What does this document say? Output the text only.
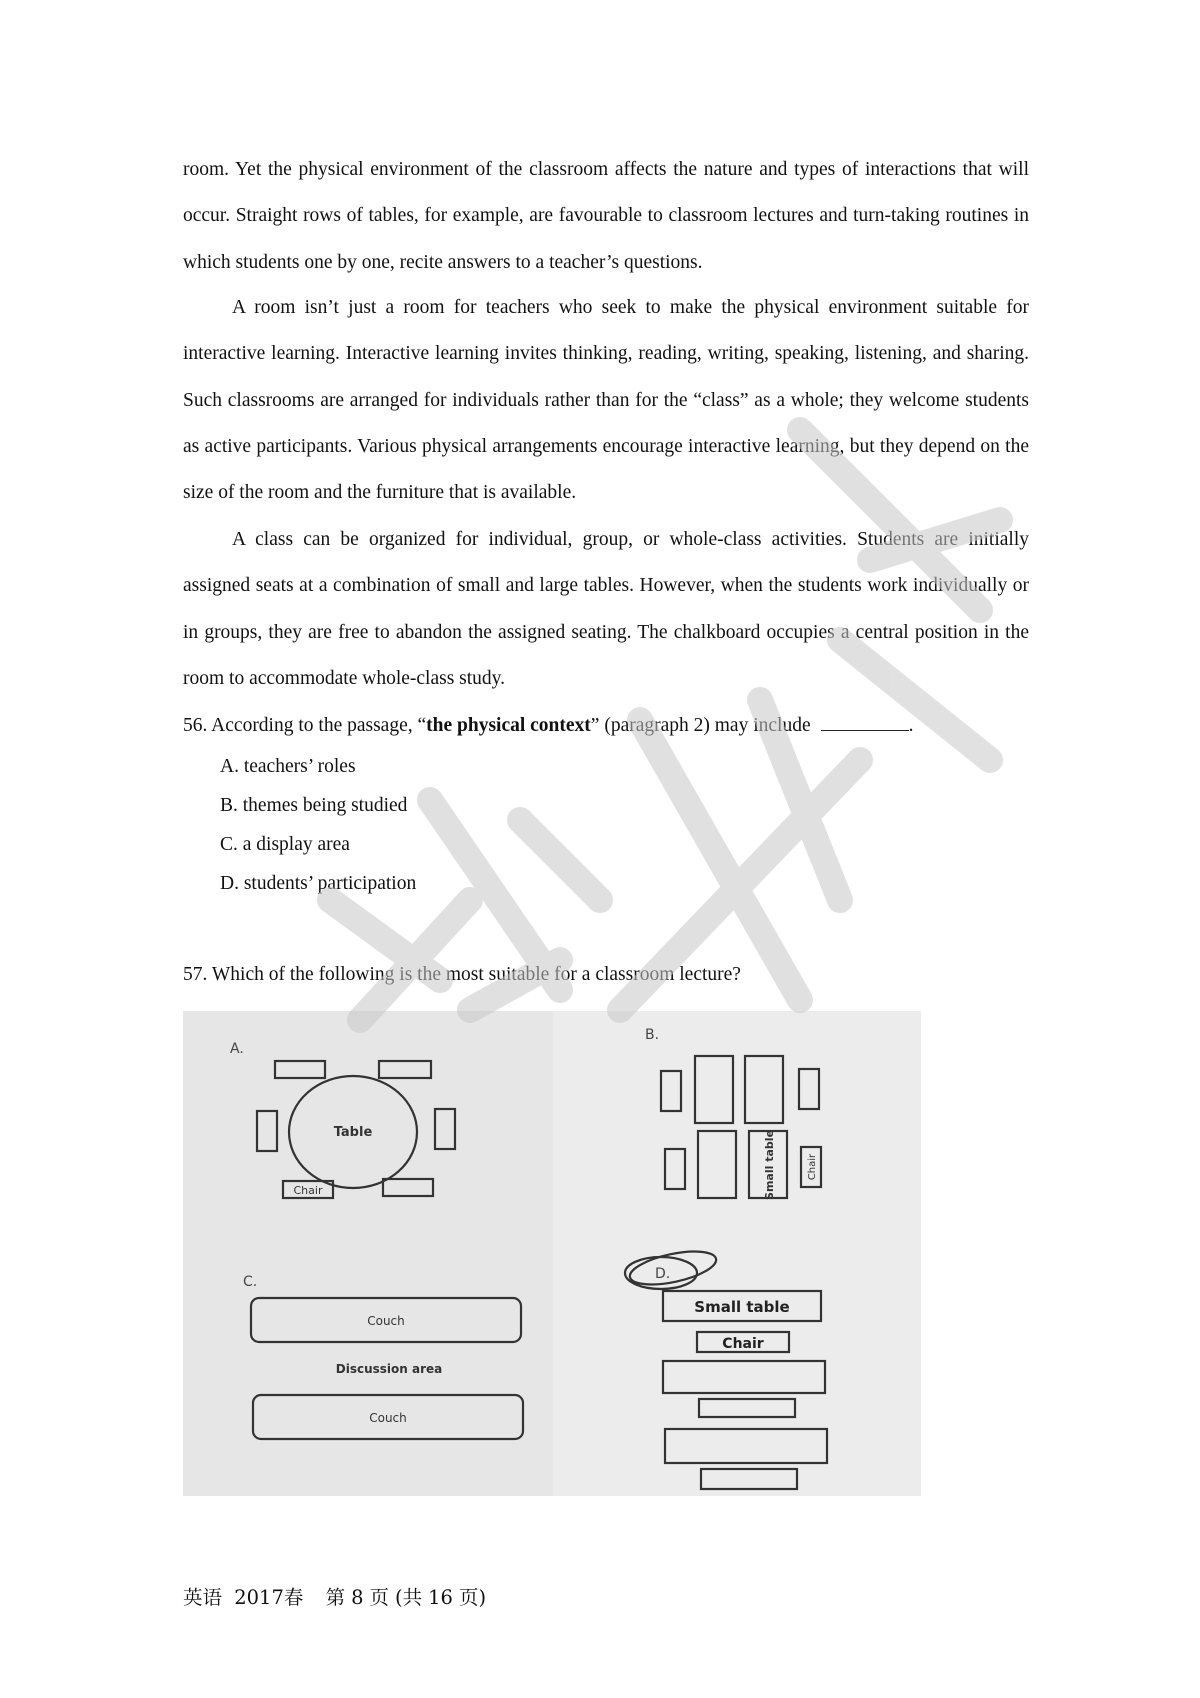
room. Yet the physical environment of the classroom affects the nature and types of interactions that will occur. Straight rows of tables, for example, are favourable to classroom lectures and turn-taking routines in which students one by one, recite answers to a teacher’s questions.

A room isn’t just a room for teachers who seek to make the physical environment suitable for interactive learning. Interactive learning invites thinking, reading, writing, speaking, listening, and sharing. Such classrooms are arranged for individuals rather than for the “class” as a whole; they welcome students as active participants. Various physical arrangements encourage interactive learning, but they depend on the size of the room and the furniture that is available.

A class can be organized for individual, group, or whole-class activities. Students are initially assigned seats at a combination of small and large tables. However, when the students work individually or in groups, they are free to abandon the assigned seating. The chalkboard occupies a central position in the room to accommodate whole-class study.

56. According to the passage, “the physical context” (paragraph 2) may include	.

A. teachers’ roles

B. themes being studied

C. a display area

D. students’ participation

57. Which of the following is the most suitable for a classroom lecture?

A.
Table
Chair
B.
Small table	Chair
C.
Couch
Discussion area
Couch
D.
Small table
Chair
英语 2017春 第 8 页 (共 16 页)
